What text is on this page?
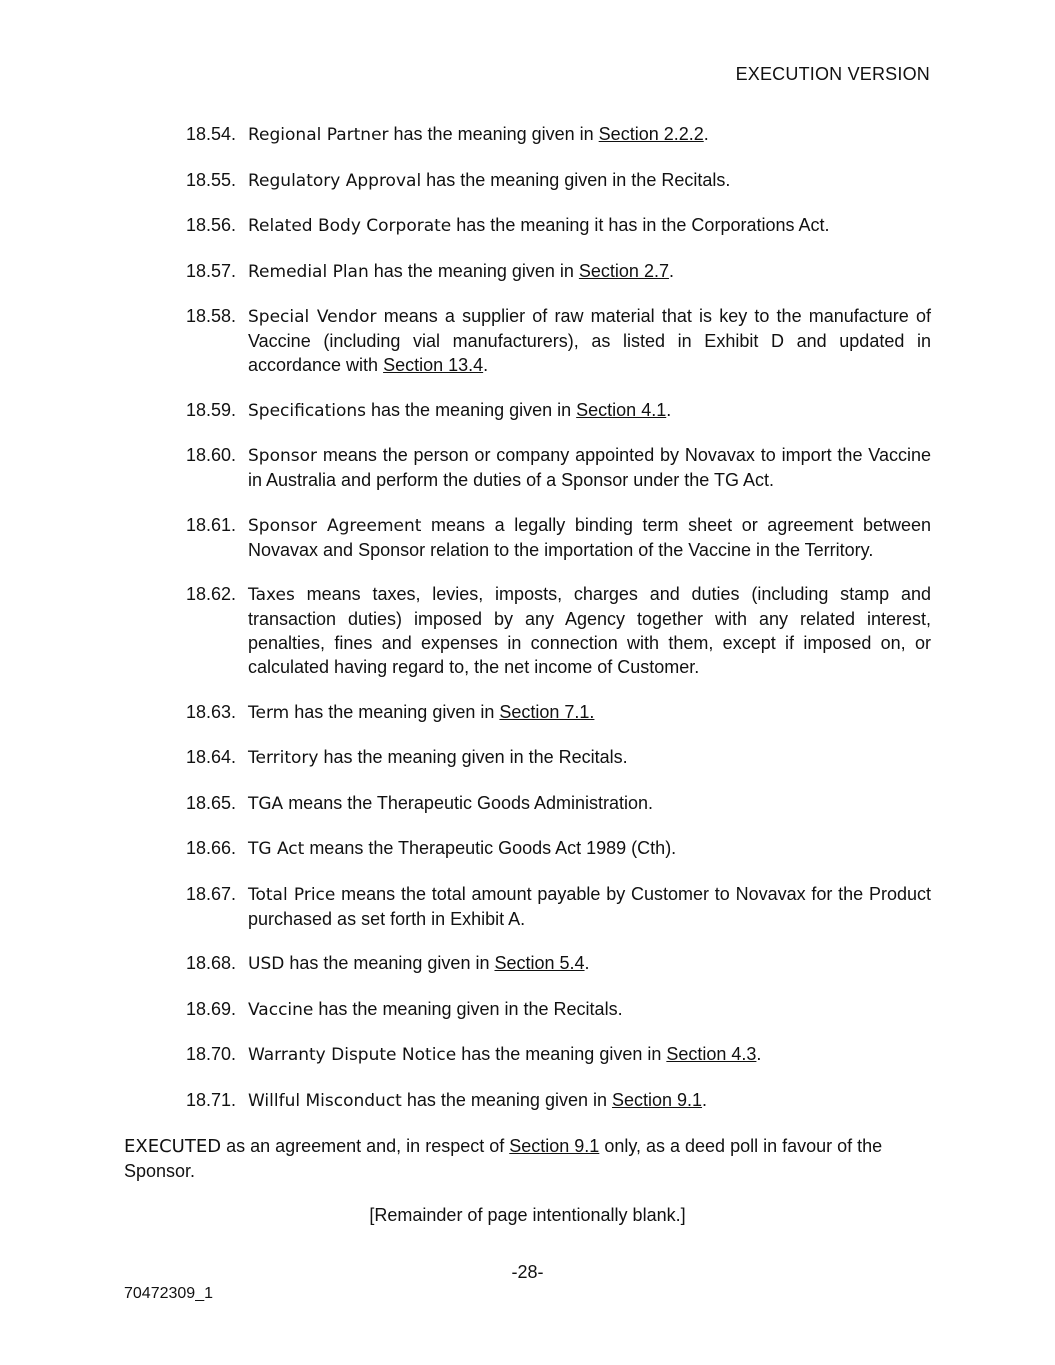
EXECUTION VERSION
18.54. Regional Partner has the meaning given in Section 2.2.2.
18.55. Regulatory Approval has the meaning given in the Recitals.
18.56. Related Body Corporate has the meaning it has in the Corporations Act.
18.57. Remedial Plan has the meaning given in Section 2.7.
18.58. Special Vendor means a supplier of raw material that is key to the manufacture of Vaccine (including vial manufacturers), as listed in Exhibit D and updated in accordance with Section 13.4.
18.59. Specifications has the meaning given in Section 4.1.
18.60. Sponsor means the person or company appointed by Novavax to import the Vaccine in Australia and perform the duties of a Sponsor under the TG Act.
18.61. Sponsor Agreement means a legally binding term sheet or agreement between Novavax and Sponsor relation to the importation of the Vaccine in the Territory.
18.62. Taxes means taxes, levies, imposts, charges and duties (including stamp and transaction duties) imposed by any Agency together with any related interest, penalties, fines and expenses in connection with them, except if imposed on, or calculated having regard to, the net income of Customer.
18.63. Term has the meaning given in Section 7.1.
18.64. Territory has the meaning given in the Recitals.
18.65. TGA means the Therapeutic Goods Administration.
18.66. TG Act means the Therapeutic Goods Act 1989 (Cth).
18.67. Total Price means the total amount payable by Customer to Novavax for the Product purchased as set forth in Exhibit A.
18.68. USD has the meaning given in Section 5.4.
18.69. Vaccine has the meaning given in the Recitals.
18.70. Warranty Dispute Notice has the meaning given in Section 4.3.
18.71. Willful Misconduct has the meaning given in Section 9.1.
EXECUTED as an agreement and, in respect of Section 9.1 only, as a deed poll in favour of the Sponsor.
[Remainder of page intentionally blank.]
-28-
70472309_1
